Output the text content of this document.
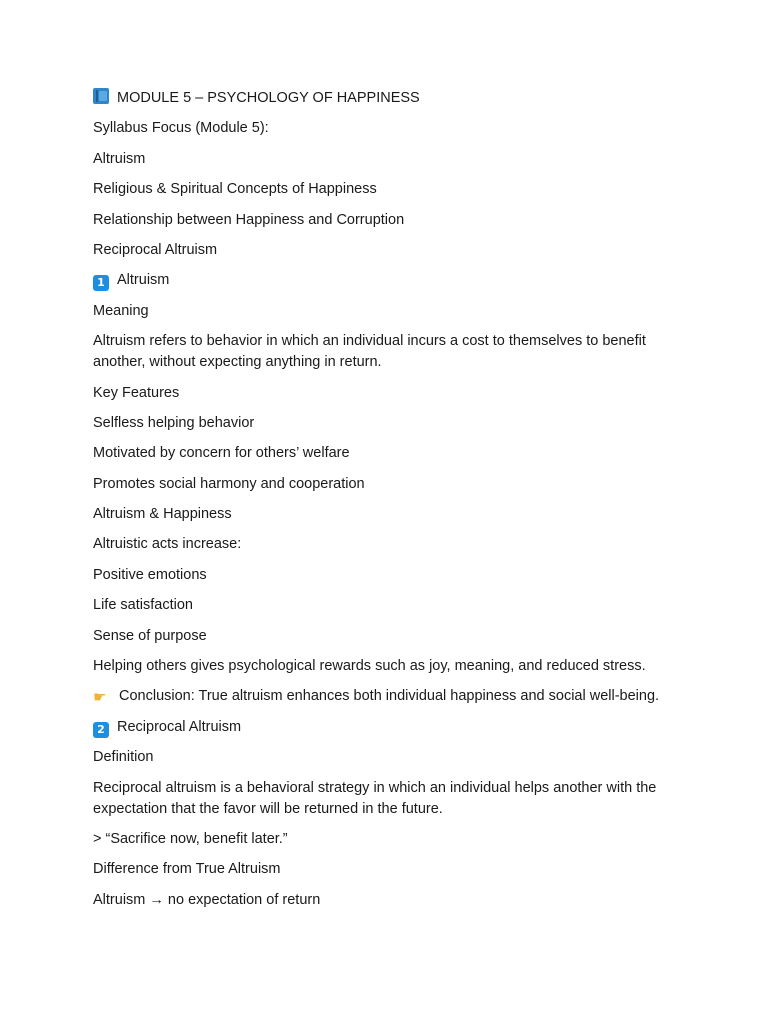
MODULE 5 – PSYCHOLOGY OF HAPPINESS
Syllabus Focus (Module 5):
Altruism
Religious & Spiritual Concepts of Happiness
Relationship between Happiness and Corruption
Reciprocal Altruism
1 Altruism
Meaning
Altruism refers to behavior in which an individual incurs a cost to themselves to benefit another, without expecting anything in return.
Key Features
Selfless helping behavior
Motivated by concern for others’ welfare
Promotes social harmony and cooperation
Altruism & Happiness
Altruistic acts increase:
Positive emotions
Life satisfaction
Sense of purpose
Helping others gives psychological rewards such as joy, meaning, and reduced stress.
☛ Conclusion: True altruism enhances both individual happiness and social well-being.
2 Reciprocal Altruism
Definition
Reciprocal altruism is a behavioral strategy in which an individual helps another with the expectation that the favor will be returned in the future.
> “Sacrifice now, benefit later.”
Difference from True Altruism
Altruism → no expectation of return
